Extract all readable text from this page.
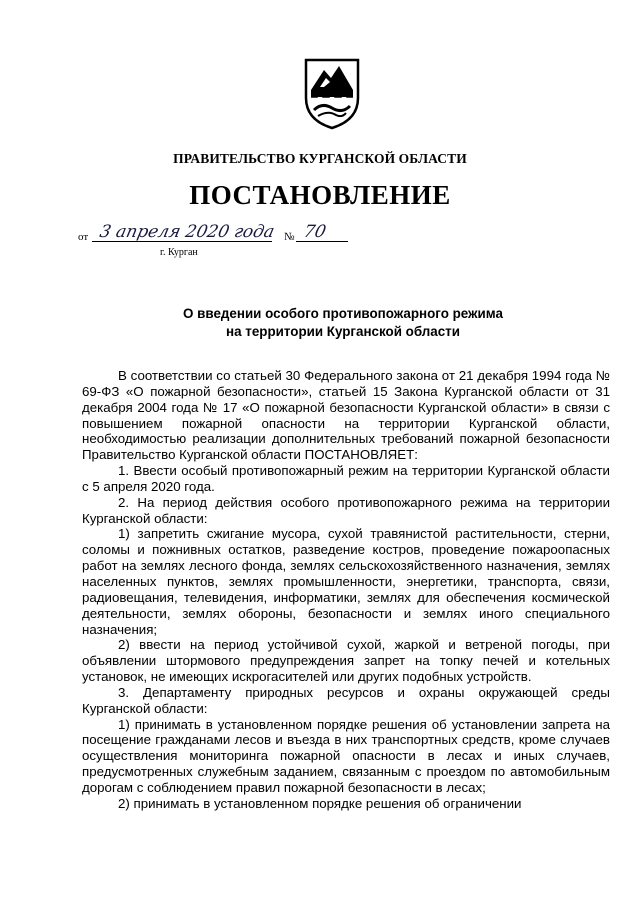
ПРАВИТЕЛЬСТВО КУРГАНСКОЙ ОБЛАСТИ
ПОСТАНОВЛЕНИЕ
от 3 апреля 2020 года № 70
г. Курган
О введении особого противопожарного режима
на территории Курганской области

В соответствии со статьей 30 Федерального закона от 21 декабря 1994 года № 69-ФЗ «О пожарной безопасности», статьей 15 Закона Курганской области от 31 декабря 2004 года № 17 «О пожарной безопасности Курганской области» в связи с повышением пожарной опасности на территории Курганской области, необходимостью реализации дополнительных требований пожарной безопасности Правительство Курганской области ПОСТАНОВЛЯЕТ:

1. Ввести особый противопожарный режим на территории Курганской области с 5 апреля 2020 года.

2. На период действия особого противопожарного режима на территории Курганской области:

1) запретить сжигание мусора, сухой травянистой растительности, стерни, соломы и пожнивных остатков, разведение костров, проведение пожароопасных работ на землях лесного фонда, землях сельскохозяйственного назначения, землях населенных пунктов, землях промышленности, энергетики, транспорта, связи, радиовещания, телевидения, информатики, землях для обеспечения космической деятельности, землях обороны, безопасности и землях иного специального назначения;

2) ввести на период устойчивой сухой, жаркой и ветреной погоды, при объявлении штормового предупреждения запрет на топку печей и котельных установок, не имеющих искрогасителей или других подобных устройств.

3. Департаменту природных ресурсов и охраны окружающей среды Курганской области:

1) принимать в установленном порядке решения об установлении запрета на посещение гражданами лесов и въезда в них транспортных средств, кроме случаев осуществления мониторинга пожарной опасности в лесах и иных случаев, предусмотренных служебным заданием, связанным с проездом по автомобильным дорогам с соблюдением правил пожарной безопасности в лесах;

2) принимать в установленном порядке решения об ограничении
